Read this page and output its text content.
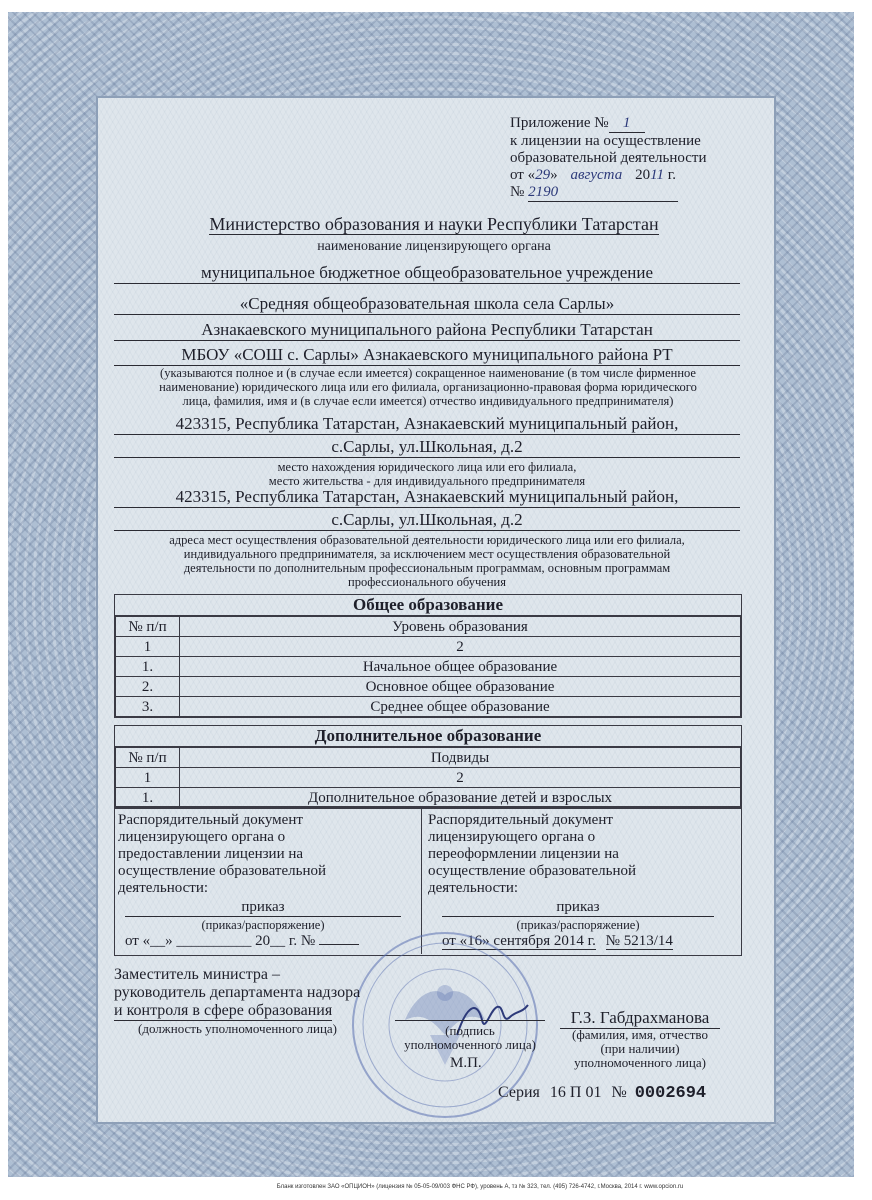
Приложение № 1
к лицензии на осуществление
образовательной деятельности
от «29» августа 2011 г.
№ 2190
Министерство образования и науки Республики Татарстан
наименование лицензирующего органа
муниципальное бюджетное общеобразовательное учреждение
«Средняя общеобразовательная школа села Сарлы»
Азнакаевского муниципального района Республики Татарстан
МБОУ «СОШ с. Сарлы» Азнакаевского муниципального района РТ
(указываются полное и (в случае если имеется) сокращенное наименование (в том числе фирменное
наименование) юридического лица или его филиала, организационно-правовая форма юридического
лица, фамилия, имя и (в случае если имеется) отчество индивидуального предпринимателя)
423315, Республика Татарстан, Азнакаевский муниципальный район,
с.Сарлы, ул.Школьная, д.2
место нахождения юридического лица или его филиала,
место жительства - для индивидуального предпринимателя
423315, Республика Татарстан, Азнакаевский муниципальный район,
с.Сарлы, ул.Школьная, д.2
адреса мест осуществления образовательной деятельности юридического лица или его филиала,
индивидуального предпринимателя, за исключением мест осуществления образовательной
деятельности по дополнительным профессиональным программам, основным программам
профессионального обучения
Общее образование
№ п/п	Уровень образования
1	2
1.	Начальное общее образование
2.	Основное общее образование
3.	Среднее общее образование
Дополнительное образование
№ п/п	Подвиды
1	2
1.	Дополнительное образование детей и взрослых
Распорядительный документ
лицензирующего органа о
предоставлении лицензии на
осуществление образовательной
деятельности:
приказ
(приказ/распоряжение)
от «__» __________ 20__ г. №
Распорядительный документ
лицензирующего органа о
переоформлении лицензии на
осуществление образовательной
деятельности:
приказ
(приказ/распоряжение)
от «16» сентября 2014 г. № 5213/14
Заместитель министра –
руководитель департамента надзора
и контроля в сфере образования
(должность уполномоченного лица)	(подпись
уполномоченного лица)
М.П.
Г.З. Габдрахманова
(фамилия, имя, отчество
(при наличии)
уполномоченного лица)
Серия 16 П 01 № 0002694
Бланк изготовлен ЗАО «ОПЦИОН» (лицензия № 05-05-09/003 ФНС РФ), уровень А, тз № 323, тел. (495) 726-4742, г.Москва, 2014 г. www.opcion.ru
